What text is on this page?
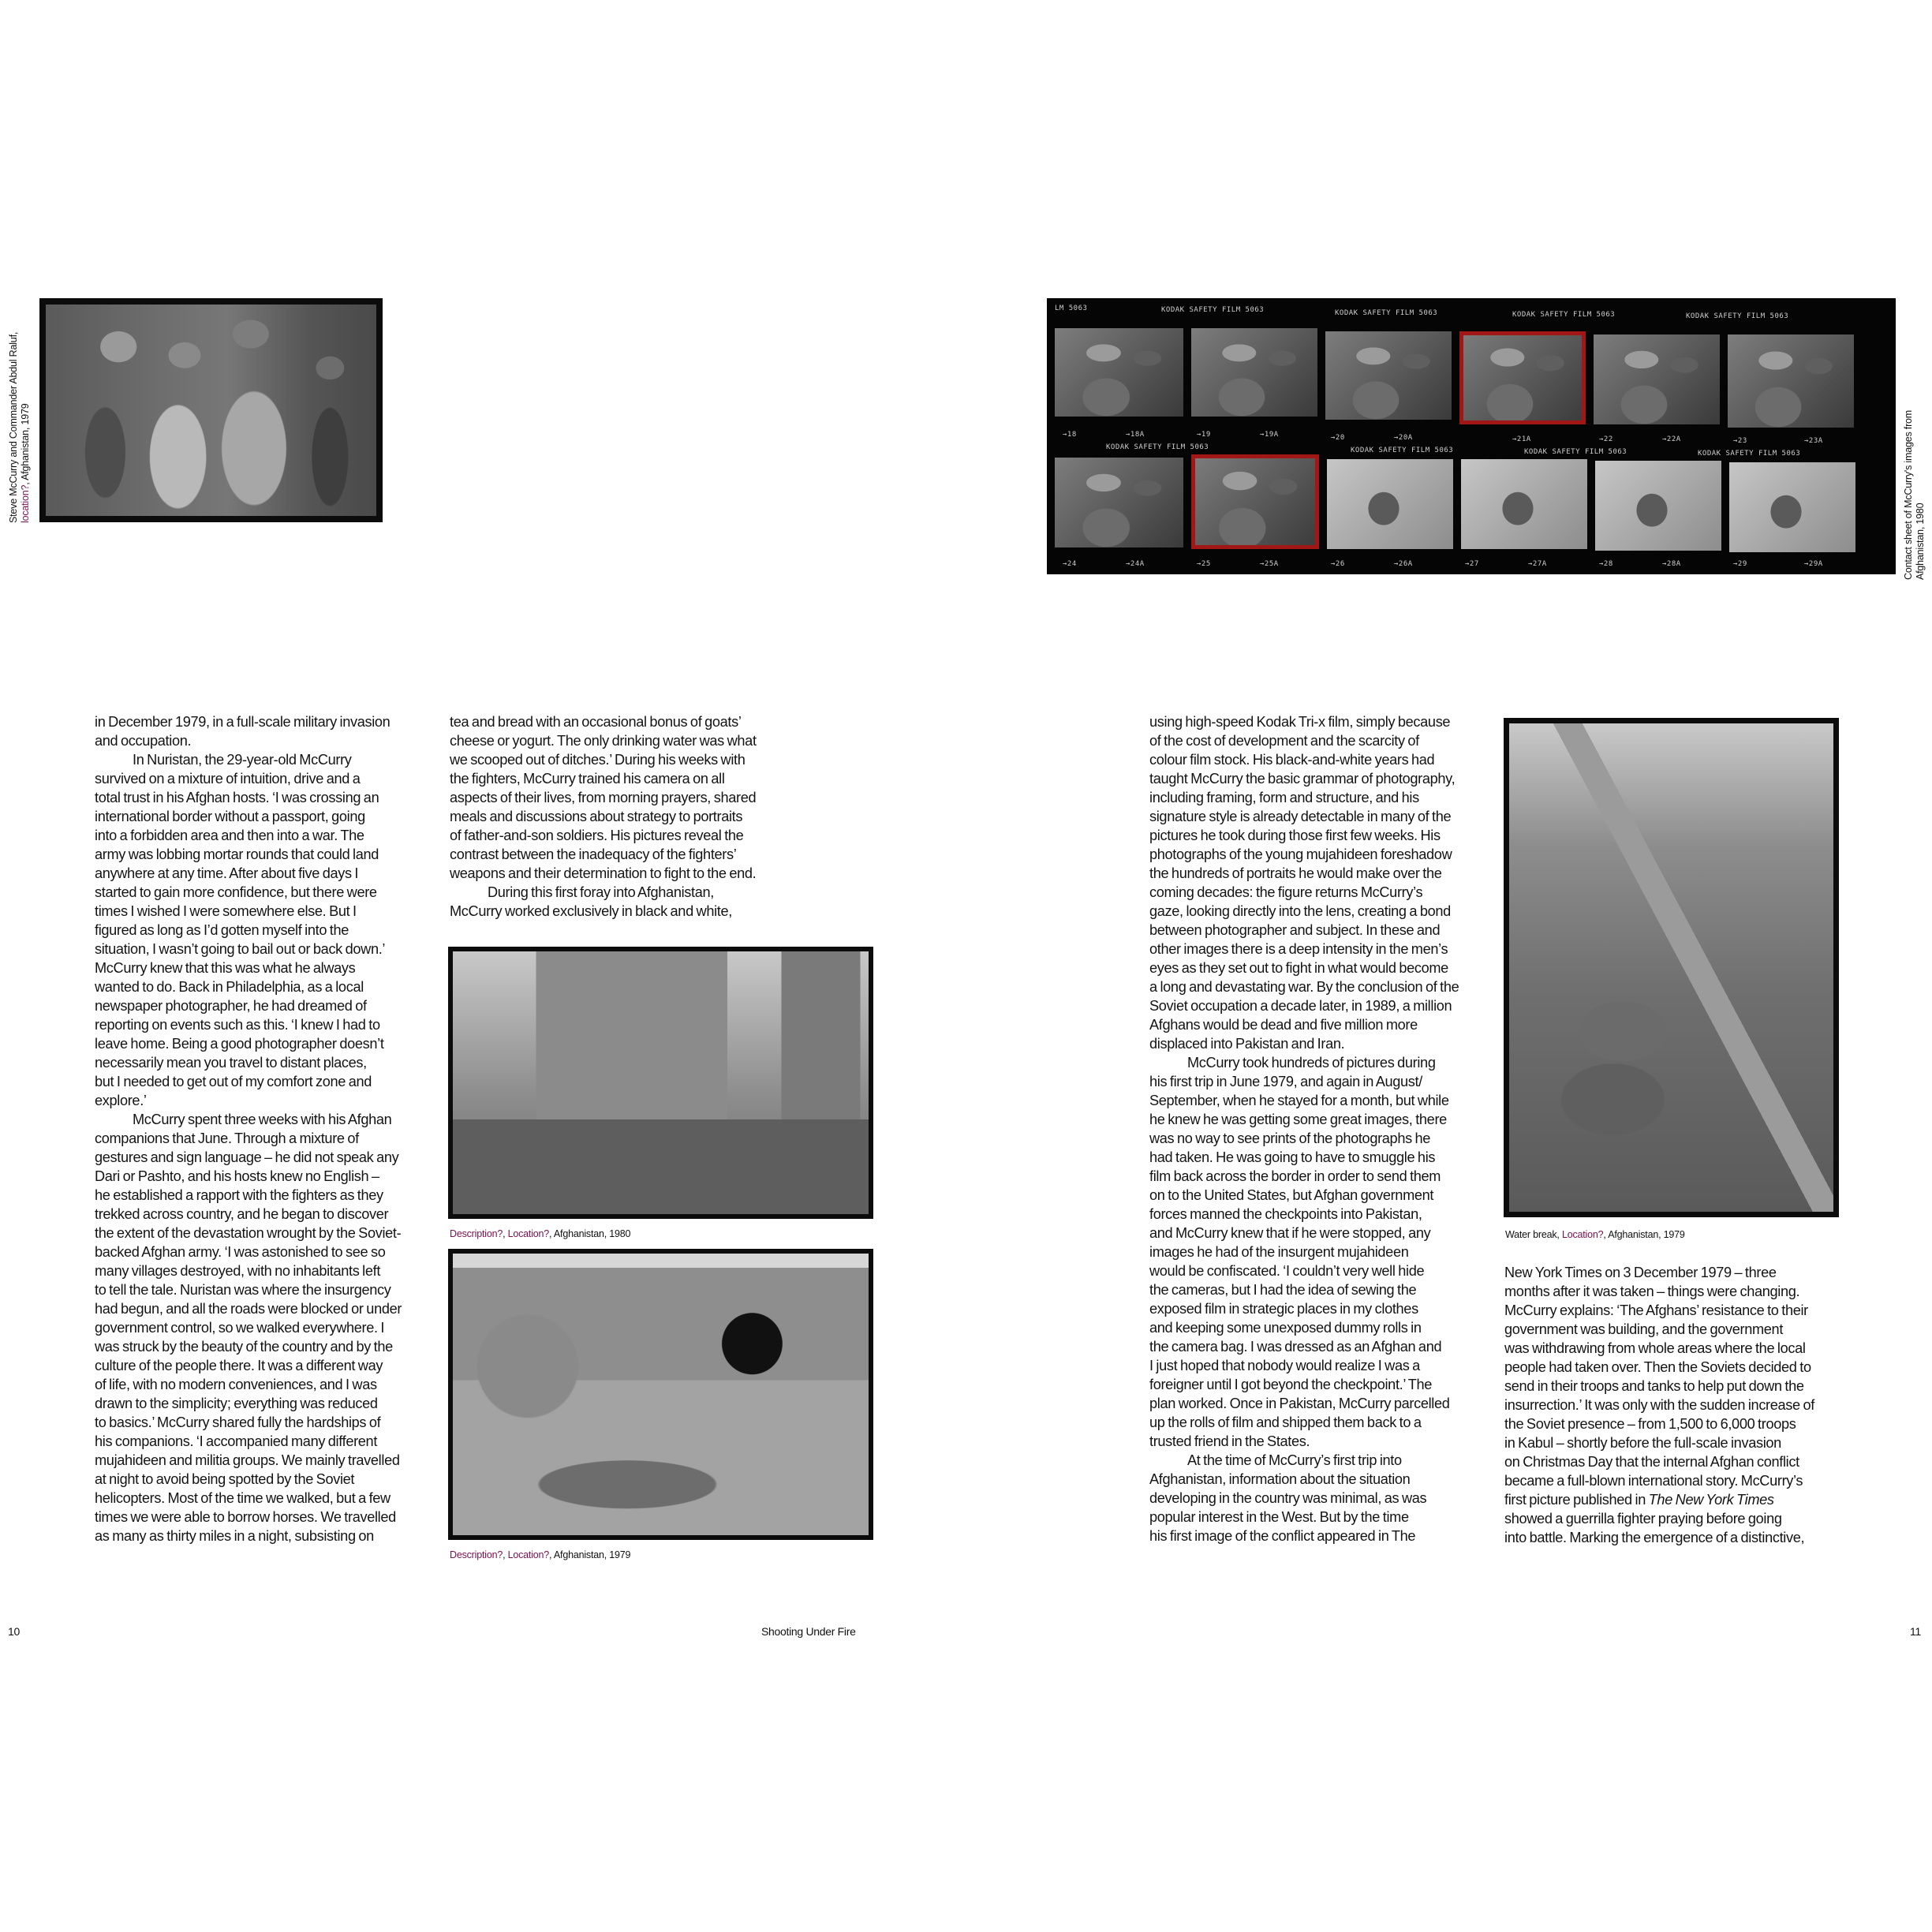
Steve McCurry and Commander Abdul Raluf, location?, Afghanistan, 1979
LM 5063	KODAK SAFETY FILM 5063	KODAK SAFETY FILM 5063	KODAK SAFETY FILM 5063	KODAK SAFETY FILM 5063
→18	→18A	→19	→19A	→20	→20A	→21A	→22	→22A	→23	→23A
KODAK SAFETY FILM 5063	KODAK SAFETY FILM 5063	KODAK SAFETY FILM 5063	KODAK SAFETY FILM 5063
→24	→24A	→25	→25A	→26	→26A	→27	→27A	→28	→28A	→29	→29A	Contact sheet of McCurry's images from Afghanistan, 1980
in December 1979, in a full-scale military invasion
and occupation.
In Nuristan, the 29-year-old McCurry
survived on a mixture of intuition, drive and a
total trust in his Afghan hosts. ‘I was crossing an
international border without a passport, going
into a forbidden area and then into a war. The
army was lobbing mortar rounds that could land
anywhere at any time. After about five days I
started to gain more confidence, but there were
times I wished I were somewhere else. But I
figured as long as I’d gotten myself into the
situation, I wasn’t going to bail out or back down.’
McCurry knew that this was what he always
wanted to do. Back in Philadelphia, as a local
newspaper photographer, he had dreamed of
reporting on events such as this. ‘I knew I had to
leave home. Being a good photographer doesn’t
necessarily mean you travel to distant places,
but I needed to get out of my comfort zone and
explore.’
McCurry spent three weeks with his Afghan
companions that June. Through a mixture of
gestures and sign language – he did not speak any
Dari or Pashto, and his hosts knew no English –
he established a rapport with the fighters as they
trekked across country, and he began to discover
the extent of the devastation wrought by the Soviet-
backed Afghan army. ‘I was astonished to see so
many villages destroyed, with no inhabitants left
to tell the tale. Nuristan was where the insurgency
had begun, and all the roads were blocked or under
government control, so we walked everywhere. I
was struck by the beauty of the country and by the
culture of the people there. It was a different way
of life, with no modern conveniences, and I was
drawn to the simplicity; everything was reduced
to basics.’ McCurry shared fully the hardships of
his companions. ‘I accompanied many different
mujahideen and militia groups. We mainly travelled
at night to avoid being spotted by the Soviet
helicopters. Most of the time we walked, but a few
times we were able to borrow horses. We travelled
as many as thirty miles in a night, subsisting on
tea and bread with an occasional bonus of goats’
cheese or yogurt. The only drinking water was what
we scooped out of ditches.’ During his weeks with
the fighters, McCurry trained his camera on all
aspects of their lives, from morning prayers, shared
meals and discussions about strategy to portraits
of father-and-son soldiers. His pictures reveal the
contrast between the inadequacy of the fighters’
weapons and their determination to fight to the end.
During this first foray into Afghanistan,
McCurry worked exclusively in black and white,
Description?, Location?, Afghanistan, 1980
Description?, Location?, Afghanistan, 1979
using high-speed Kodak Tri-x film, simply because
of the cost of development and the scarcity of
colour film stock. His black-and-white years had
taught McCurry the basic grammar of photography,
including framing, form and structure, and his
signature style is already detectable in many of the
pictures he took during those first few weeks. His
photographs of the young mujahideen foreshadow
the hundreds of portraits he would make over the
coming decades: the figure returns McCurry’s
gaze, looking directly into the lens, creating a bond
between photographer and subject. In these and
other images there is a deep intensity in the men’s
eyes as they set out to fight in what would become
a long and devastating war. By the conclusion of the
Soviet occupation a decade later, in 1989, a million
Afghans would be dead and five million more
displaced into Pakistan and Iran.
McCurry took hundreds of pictures during
his first trip in June 1979, and again in August/
September, when he stayed for a month, but while
he knew he was getting some great images, there
was no way to see prints of the photographs he
had taken. He was going to have to smuggle his
film back across the border in order to send them
on to the United States, but Afghan government
forces manned the checkpoints into Pakistan,
and McCurry knew that if he were stopped, any
images he had of the insurgent mujahideen
would be confiscated. ‘I couldn’t very well hide
the cameras, but I had the idea of sewing the
exposed film in strategic places in my clothes
and keeping some unexposed dummy rolls in
the camera bag. I was dressed as an Afghan and
I just hoped that nobody would realize I was a
foreigner until I got beyond the checkpoint.’ The
plan worked. Once in Pakistan, McCurry parcelled
up the rolls of film and shipped them back to a
trusted friend in the States.
At the time of McCurry’s first trip into
Afghanistan, information about the situation
developing in the country was minimal, as was
popular interest in the West. But by the time
his first image of the conflict appeared in The
Water break, Location?, Afghanistan, 1979
New York Times on 3 December 1979 – three
months after it was taken – things were changing.
McCurry explains: ‘The Afghans’ resistance to their
government was building, and the government
was withdrawing from whole areas where the local
people had taken over. Then the Soviets decided to
send in their troops and tanks to help put down the
insurrection.’ It was only with the sudden increase of
the Soviet presence – from 1,500 to 6,000 troops
in Kabul – shortly before the full-scale invasion
on Christmas Day that the internal Afghan conflict
became a full-blown international story. McCurry’s
first picture published in The New York Times
showed a guerrilla fighter praying before going
into battle. Marking the emergence of a distinctive,
10	Shooting Under Fire	11
